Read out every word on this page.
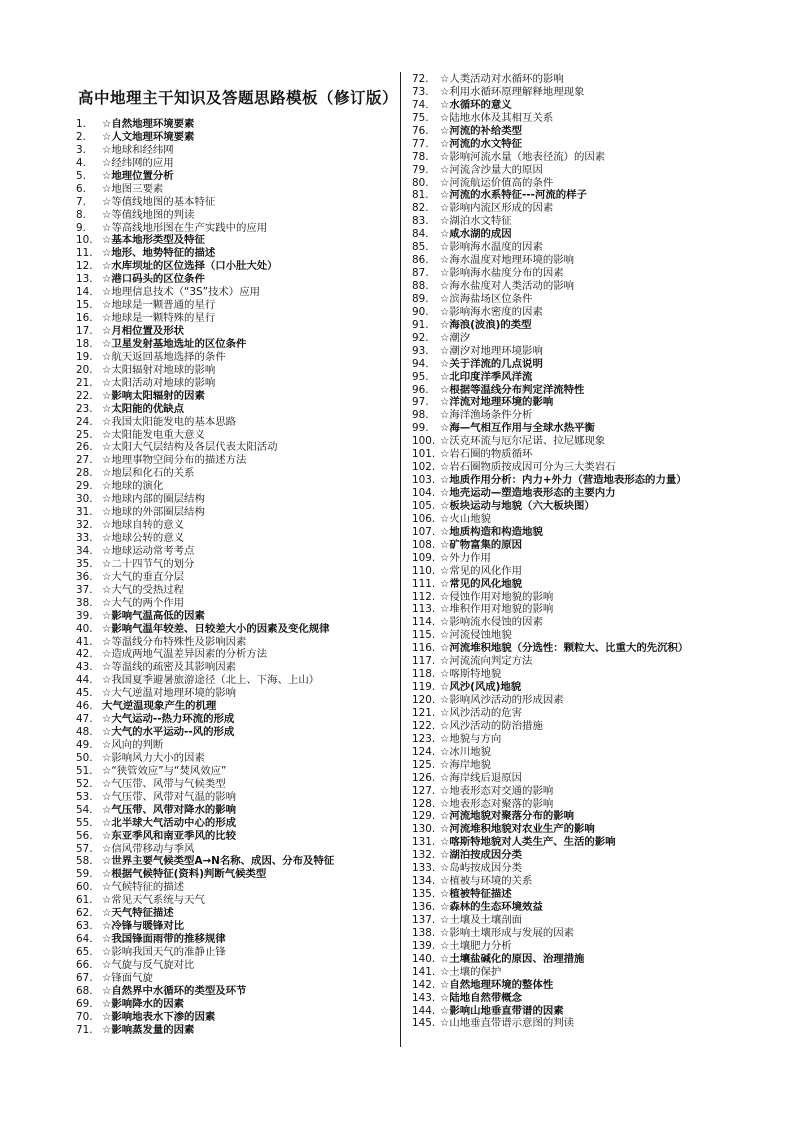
高中地理主干知识及答题思路模板（修订版）
1.	☆自然地理环境要素
2.	☆人文地理环境要素
3.	☆地球和经纬网
4.	☆经纬网的应用
5.	☆地理位置分析
6.	☆地图三要素
7.	☆等值线地图的基本特征
8.	☆等值线地图的判读
9.	☆等高线地形图在生产实践中的应用
10. ☆基本地形类型及特征
11. ☆地形、地势特征的描述
12. ☆水库坝址的区位选择（口小肚大处）
13. ☆港口码头的区位条件
14. ☆地理信息技术（“3S”技术）应用
15. ☆地球是一颗普通的星行
16. ☆地球是一颗特殊的星行
17. ☆月相位置及形状
18. ☆卫星发射基地选址的区位条件
19. ☆航天返回基地选择的条件
20. ☆太阳辐射对地球的影响
21. ☆太阳活动对地球的影响
22. ☆影响太阳辐射的因素
23. ☆太阳能的优缺点
24. ☆我国太阳能发电的基本思路
25. ☆太阳能发电重大意义
26. ☆太阳大气层结构及各层代表太阳活动
27. ☆地理事物空间分布的描述方法
28. ☆地层和化石的关系
29. ☆地球的演化
30. ☆地球内部的圈层结构
31. ☆地球的外部圈层结构
32. ☆地球自转的意义
33. ☆地球公转的意义
34. ☆地球运动常考考点
35. ☆二十四节气的划分
36. ☆大气的垂直分层
37. ☆大气的受热过程
38. ☆大气的两个作用
39. ☆影响气温高低的因素
40. ☆影响气温年较差、日较差大小的因素及变化规律
41. ☆等温线分布特殊性及影响因素
42. ☆造成两地气温差异因素的分析方法
43. ☆等温线的疏密及其影响因素
44. ☆我国夏季避暑旅游途径（北上、下海、上山）
45. ☆大气逆温对地理环境的影响
46. 大气逆温现象产生的机理
47. ☆大气运动--热力环流的形成
48. ☆大气的水平运动--风的形成
49. ☆风向的判断
50. ☆影响风力大小的因素
51. ☆“狭管效应”与“焚风效应”
52. ☆气压带、风带与气候类型
53. ☆气压带、风带对气温的影响
54. ☆气压带、风带对降水的影响
55. ☆北半球大气活动中心的形成
56. ☆东亚季风和南亚季风的比较
57. ☆信风带移动与季风
58. ☆世界主要气候类型A→N名称、成因、分布及特征
59. ☆根据气候特征(资料)判断气候类型
60. ☆气候特征的描述
61. ☆常见天气系统与天气
62. ☆天气特征描述
63. ☆冷锋与暖锋对比
64. ☆我国锋面雨带的推移规律
65. ☆影响我国天气的准静止锋
66. ☆气旋与反气旋对比
67. ☆锋面气旋
68. ☆自然界中水循环的类型及环节
69. ☆影响降水的因素
70. ☆影响地表水下渗的因素
71. ☆影响蒸发量的因素
72.	☆人类活动对水循环的影响
73.	☆利用水循环原理解释地理现象
74.	☆水循环的意义
75.	☆陆地水体及其相互关系
76.	☆河流的补给类型
77.	☆河流的水文特征
78.	☆影响河流水量（地表径流）的因素
79.	☆河流含沙量大的原因
80.	☆河流航运价值高的条件
81.	☆河流的水系特征---河流的样子
82.	☆影响内流区形成的因素
83.	☆湖泊水文特征
84.	☆咸水湖的成因
85.	☆影响海水温度的因素
86.	☆海水温度对地理环境的影响
87.	☆影响海水盐度分布的因素
88.	☆海水盐度对人类活动的影响
89.	☆滨海盐场区位条件
90.	☆影响海水密度的因素
91.	☆海浪(波浪)的类型
92.	☆潮汐
93.	☆潮汐对地理环境影响
94.	☆关于洋流的几点说明
95.	☆北印度洋季风洋流
96.	☆根据等温线分布判定洋流特性
97.	☆洋流对地理环境的影响
98.	☆海洋渔场条件分析
99.	☆海—气相互作用与全球水热平衡
100. ☆沃克环流与厄尔尼诺、拉尼娜现象
101. ☆岩石圈的物质循环
102. ☆岩石圈物质按成因可分为三大类岩石
103. ☆地质作用分析：内力+外力（营造地表形态的力量）
104. ☆地壳运动—塑造地表形态的主要内力
105. ☆板块运动与地貌（六大板块图）
106. ☆火山地貌
107. ☆地质构造和构造地貌
108. ☆矿物富集的原因
109. ☆外力作用
110. ☆常见的风化作用
111. ☆常见的风化地貌
112. ☆侵蚀作用对地貌的影响
113. ☆堆积作用对地貌的影响
114. ☆影响流水侵蚀的因素
115. ☆河流侵蚀地貌
116. ☆河流堆积地貌（分选性：颗粒大、比重大的先沉积）
117. ☆河流流向判定方法
118. ☆喀斯特地貌
119. ☆风沙(风成)地貌
120. ☆影响风沙活动的形成因素
121. ☆风沙活动的危害
122. ☆风沙活动的防治措施
123. ☆地貌与方向
124. ☆冰川地貌
125. ☆海岸地貌
126. ☆海岸线后退原因
127. ☆地表形态对交通的影响
128. ☆地表形态对聚落的影响
129. ☆河流地貌对聚落分布的影响
130. ☆河流堆积地貌对农业生产的影响
131. ☆喀斯特地貌对人类生产、生活的影响
132. ☆湖泊按成因分类
133. ☆岛屿按成因分类
134. ☆植被与环境的关系
135. ☆植被特征描述
136. ☆森林的生态环境效益
137. ☆土壤及土壤剖面
138. ☆影响土壤形成与发展的因素
139. ☆土壤肥力分析
140. ☆土壤盐碱化的原因、治理措施
141. ☆土壤的保护
142. ☆自然地理环境的整体性
143. ☆陆地自然带概念
144. ☆影响山地垂直带谱的因素
145. ☆山地垂直带谱示意图的判读
